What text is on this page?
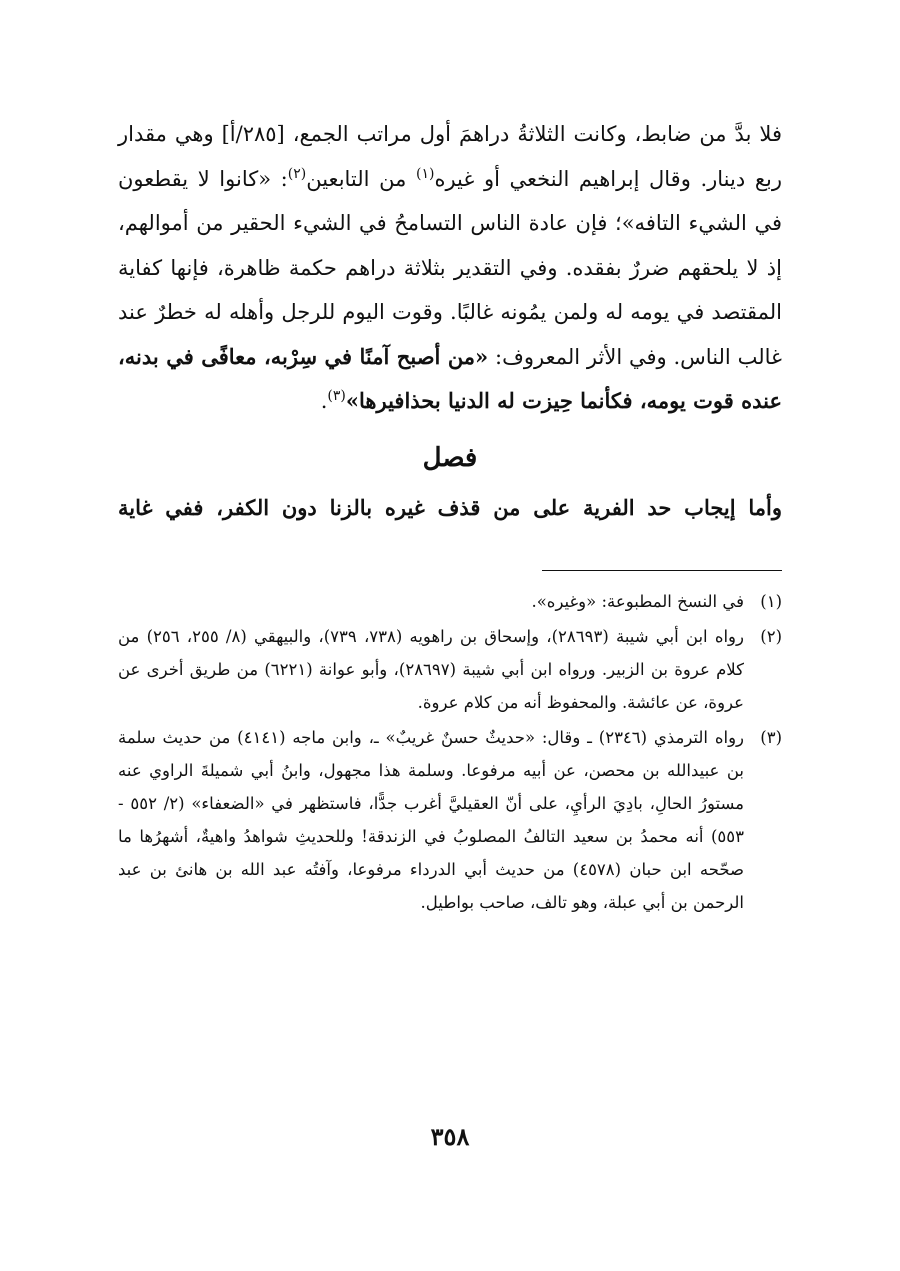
فلا بدَّ من ضابط، وكانت الثلاثةُ دراهمَ أول مراتب الجمع، [٢٨٥/أ] وهي مقدار ربع دينار. وقال إبراهيم النخعي أو غيره$^{(١)}$ من التابعين$^{(٢)}$: «كانوا لا يقطعون في الشيء التافه»؛ فإن عادة الناس التسامحُ في الشيء الحقير من أموالهم، إذ لا يلحقهم ضررٌ بفقده. وفي التقدير بثلاثة دراهم حكمة ظاهرة، فإنها كفاية المقتصد في يومه له ولمن يمُونه غالبًا. وقوت اليوم للرجل وأهله له خطرٌ عند غالب الناس. وفي الأثر المعروف: «من أصبح آمنًا في سِرْبه، معافًى في بدنه، عنده قوت يومه، فكأنما حِيزت له الدنيا بحذافيرها»$^{(٣)}$.

فصل
وأما إيجاب حد الفرية على من قذف غيره بالزنا دون الكفر، ففي غاية
(١)
في النسخ المطبوعة: «وغيره».
(٢)
رواه ابن أبي شيبة (٢٨٦٩٣)، وإسحاق بن راهويه (٧٣٨، ٧٣٩)، والبيهقي (٨/ ٢٥٥، ٢٥٦) من كلام عروة بن الزبير. ورواه ابن أبي شيبة (٢٨٦٩٧)، وأبو عوانة (٦٢٢١) من طريق أخرى عن عروة، عن عائشة. والمحفوظ أنه من كلام عروة.
(٣)
رواه الترمذي (٢٣٤٦) ـ وقال: «حديثٌ حسنٌ غريبٌ» ـ، وابن ماجه (٤١٤١) من حديث سلمة بن عبيدالله بن محصن، عن أبيه مرفوعا. وسلمة هذا مجهول، وابنُ أبي شميلةَ الراوي عنه مستورُ الحالِ، بادِيَ الرأيِ، على أنّ العقيليَّ أغرب جدًّا، فاستظهر في «الضعفاء» (٢/ ٥٥٢ - ٥٥٣) أنه محمدُ بن سعيد التالفُ المصلوبُ في الزندقة! وللحديثِ شواهدُ واهيةٌ، أشهرُها ما صحّحه ابن حبان (٤٥٧٨) من حديث أبي الدرداء مرفوعا، وآفتُه عبد الله بن هانئ بن عبد الرحمن بن أبي عبلة، وهو تالف، صاحب بواطيل.
٣٥٨
